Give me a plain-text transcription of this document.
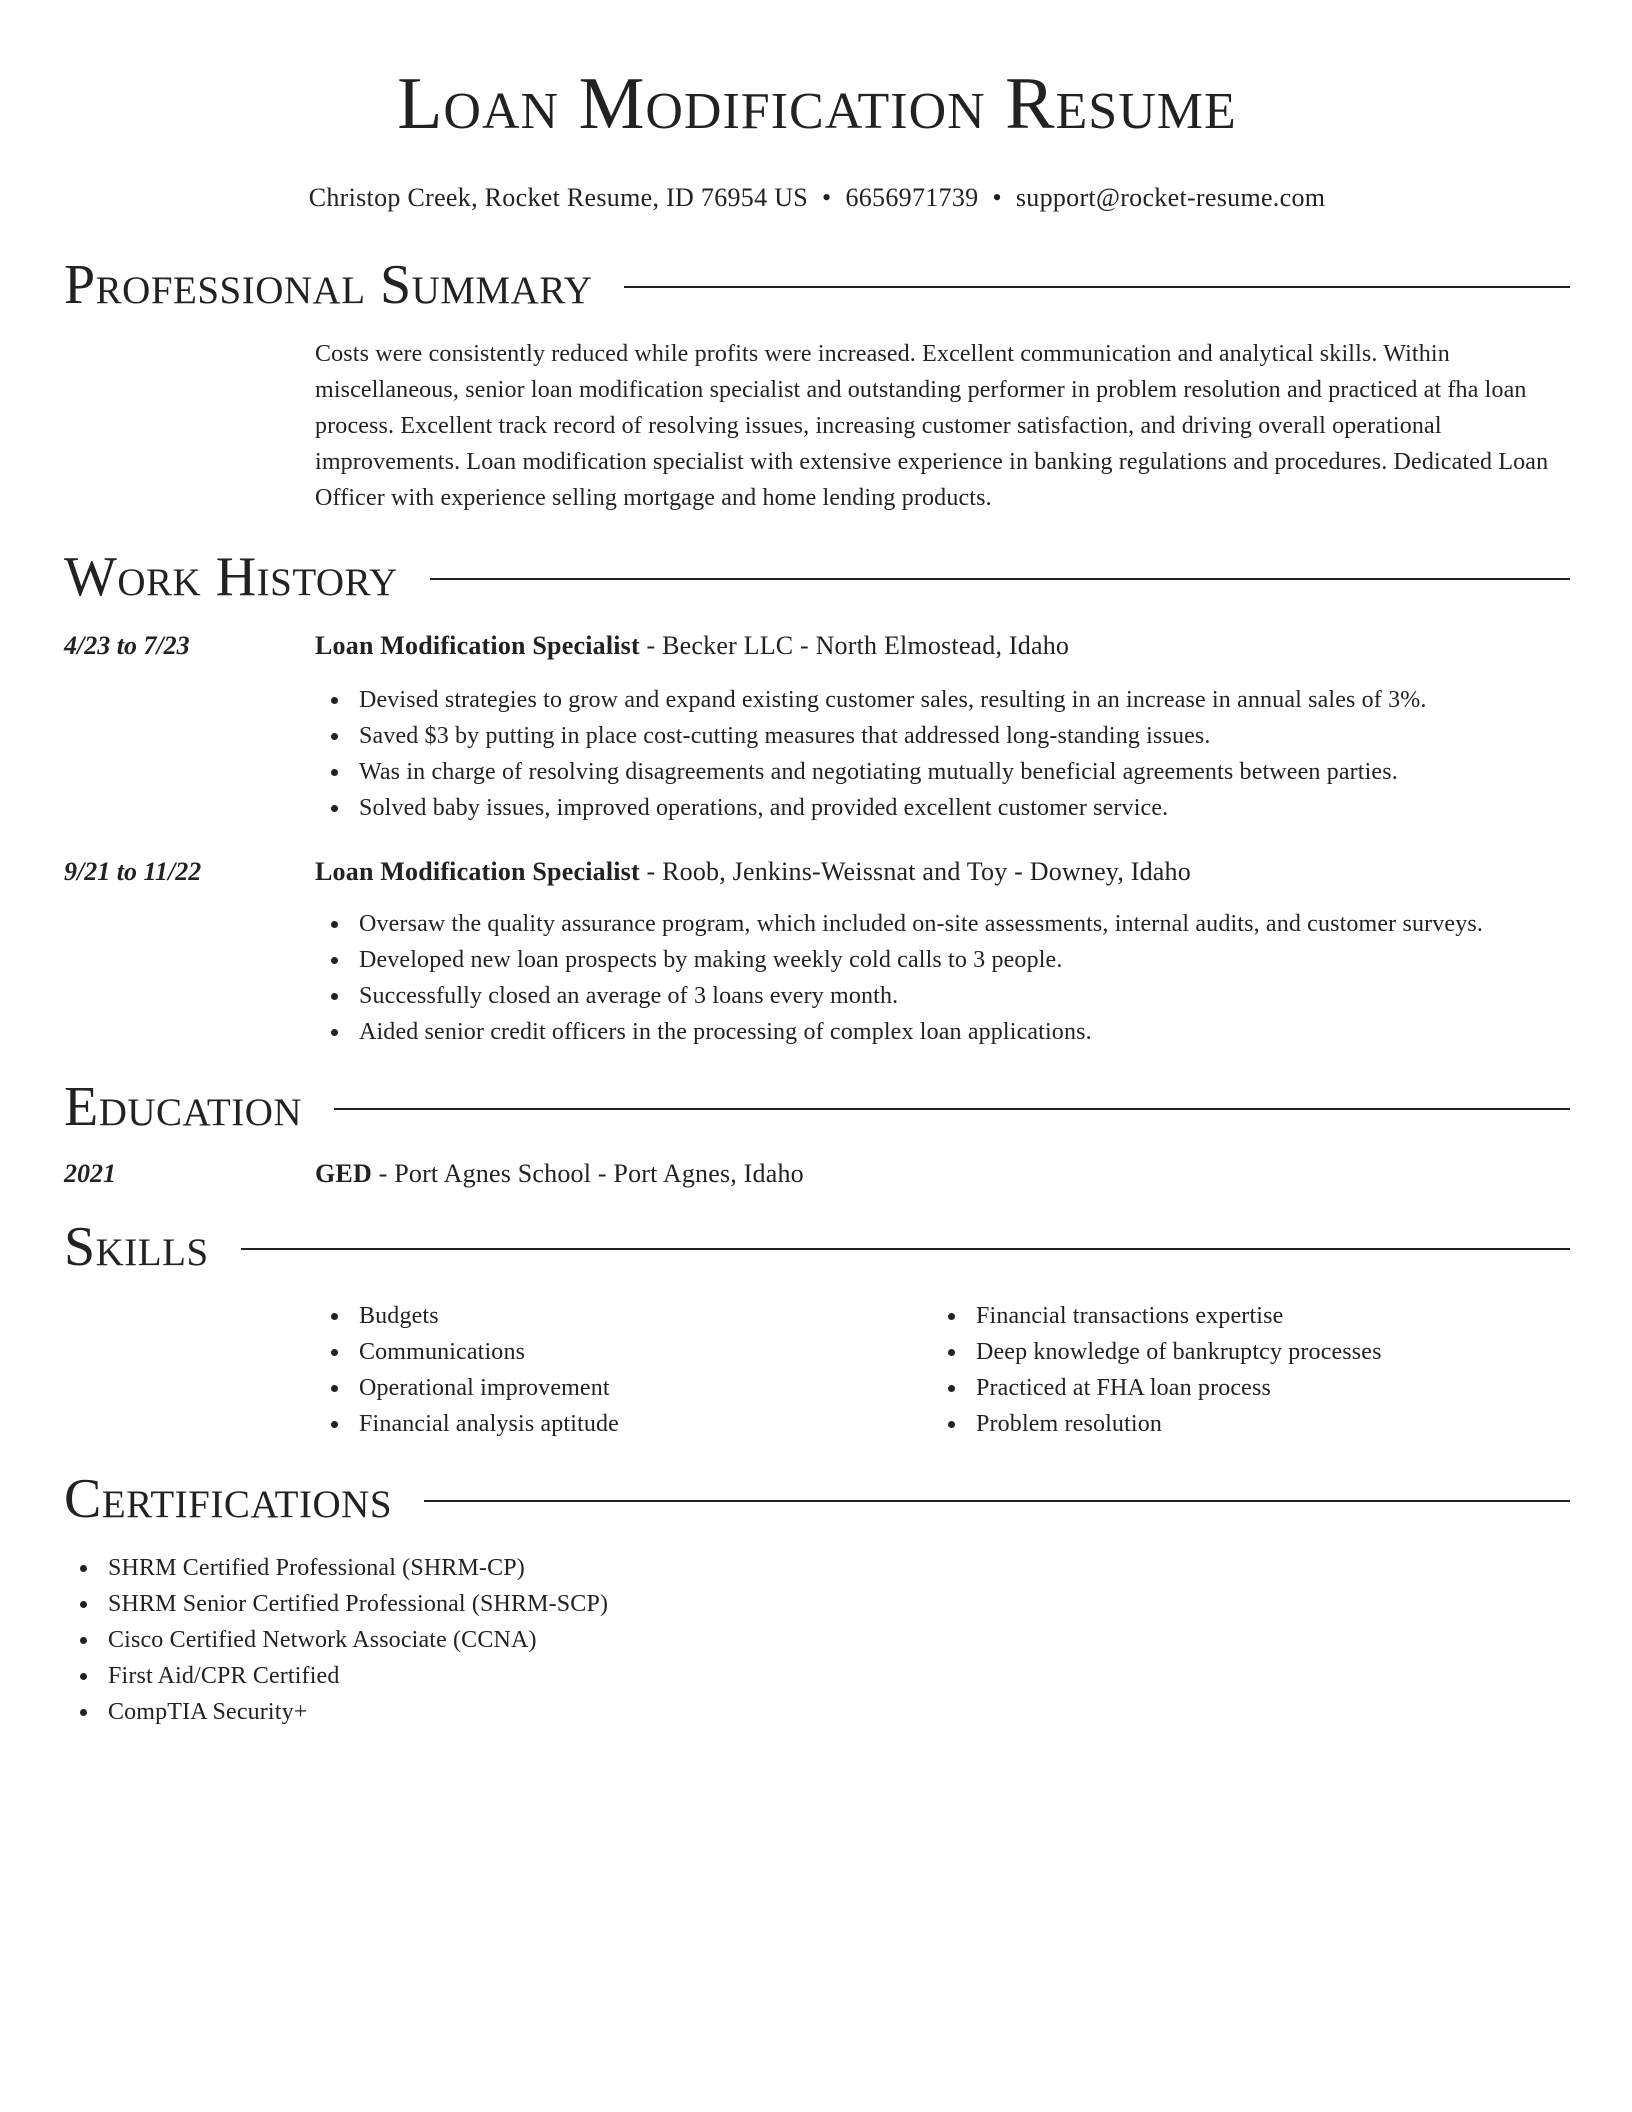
Loan Modification Resume
Christop Creek, Rocket Resume, ID 76954 US • 6656971739 • support@rocket-resume.com
Professional Summary
Costs were consistently reduced while profits were increased. Excellent communication and analytical skills. Within miscellaneous, senior loan modification specialist and outstanding performer in problem resolution and practiced at fha loan process. Excellent track record of resolving issues, increasing customer satisfaction, and driving overall operational improvements. Loan modification specialist with extensive experience in banking regulations and procedures. Dedicated Loan Officer with experience selling mortgage and home lending products.
Work History
4/23 to 7/23	Loan Modification Specialist - Becker LLC - North Elmostead, Idaho
Devised strategies to grow and expand existing customer sales, resulting in an increase in annual sales of 3%.
Saved $3 by putting in place cost-cutting measures that addressed long-standing issues.
Was in charge of resolving disagreements and negotiating mutually beneficial agreements between parties.
Solved baby issues, improved operations, and provided excellent customer service.
9/21 to 11/22	Loan Modification Specialist - Roob, Jenkins-Weissnat and Toy - Downey, Idaho
Oversaw the quality assurance program, which included on-site assessments, internal audits, and customer surveys.
Developed new loan prospects by making weekly cold calls to 3 people.
Successfully closed an average of 3 loans every month.
Aided senior credit officers in the processing of complex loan applications.
Education
2021	GED - Port Agnes School - Port Agnes, Idaho
Skills
Budgets
Communications
Operational improvement
Financial analysis aptitude
Financial transactions expertise
Deep knowledge of bankruptcy processes
Practiced at FHA loan process
Problem resolution
Certifications
SHRM Certified Professional (SHRM-CP)
SHRM Senior Certified Professional (SHRM-SCP)
Cisco Certified Network Associate (CCNA)
First Aid/CPR Certified
CompTIA Security+
